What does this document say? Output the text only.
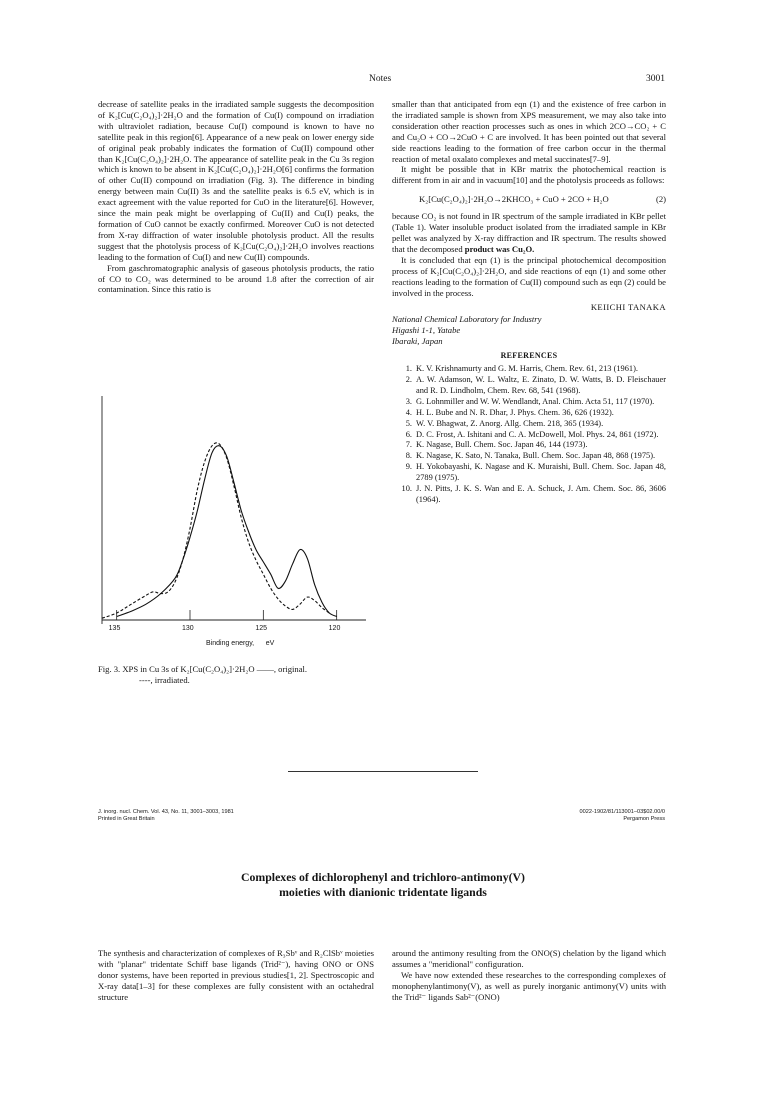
Notes	3001

decrease of satellite peaks in the irradiated sample suggests the decomposition of K₂[Cu(C₂O₄)₂]·2H₂O and the formation of Cu(I) compound on irradiation with ultraviolet radiation, because Cu(I) compound is known to have no satellite peak in this region[6]. Appearance of a new peak on lower energy side of original peak probably indicates the formation of Cu(II) compound other than K₂[Cu(C₂O₄)₂]·2H₂O. The appearance of satellite peak in the Cu 3s region which is known to be absent in K₂[Cu(C₂O₄)₂]·2H₂O[6] confirms the formation of other Cu(II) compound on irradiation (Fig. 3). The difference in binding energy between main Cu(II) 3s and the satellite peaks is 6.5 eV, which is in exact agreement with the value reported for CuO in the literature[6]. However, since the main peak might be overlapping of Cu(II) and Cu(I) peaks, the formation of CuO cannot be exactly confirmed. Moreover CuO is not detected from X-ray diffraction of water insoluble photolysis product. All the results suggest that the photolysis process of K₂[Cu(C₂O₄)₂]·2H₂O involves reactions leading to the formation of Cu(I) and new Cu(II) compounds.

From gaschromatographic analysis of gaseous photolysis products, the ratio of CO to CO₂ was determined to be around 1.8 after the correction of air contamination. Since this ratio is

135	130	125	120
Binding energy,      eV
Fig. 3. XPS in Cu 3s of K₂[Cu(C₂O₄)₂]·2H₂O ——, original.
----, irradiated.

smaller than that anticipated from eqn (1) and the existence of free carbon in the irradiated sample is shown from XPS measurement, we may also take into consideration other reaction processes such as ones in which 2CO→CO₂ + C and Cu₂O + CO→2CuO + C are involved. It has been pointed out that several side reactions leading to the formation of free carbon occur in the thermal reaction of metal oxalato complexes and metal succinates[7–9].

It might be possible that in KBr matrix the photochemical reaction is different from in air and in vacuum[10] and the photolysis proceeds as follows:

K₂[Cu(C₂O₄)₂]·2H₂O→2KHCO₃ + CuO + 2CO + H₂O	(2)

because CO₂ is not found in IR spectrum of the sample irradiated in KBr pellet (Table 1). Water insoluble product isolated from the irradiated sample in KBr pellet was analyzed by X-ray diffraction and IR spectrum. The results showed that the decomposed product was Cu₂O.

It is concluded that eqn (1) is the principal photochemical decomposition process of K₂[Cu(C₂O₄)₂]·2H₂O, and side reactions of eqn (1) and some other reactions leading to the formation of Cu(II) compound such as eqn (2) could be involved in the process.

KEIICHI TANAKA
National Chemical Laboratory for Industry
Higashi 1-1, Yatabe
Ibaraki, Japan
REFERENCES
1. K. V. Krishnamurty and G. M. Harris, Chem. Rev. 61, 213 (1961).
2. A. W. Adamson, W. L. Waltz, E. Zinato, D. W. Watts, B. D. Fleischauer and R. D. Lindholm, Chem. Rev. 68, 541 (1968).
3. G. Lohnmiller and W. W. Wendlandt, Anal. Chim. Acta 51, 117 (1970).
4. H. L. Bube and N. R. Dhar, J. Phys. Chem. 36, 626 (1932).
5. W. V. Bhagwat, Z. Anorg. Allg. Chem. 218, 365 (1934).
6. D. C. Frost, A. Ishitani and C. A. McDowell, Mol. Phys. 24, 861 (1972).
7. K. Nagase, Bull. Chem. Soc. Japan 46, 144 (1973).
8. K. Nagase, K. Sato, N. Tanaka, Bull. Chem. Soc. Japan 48, 868 (1975).
9. H. Yokobayashi, K. Nagase and K. Muraishi, Bull. Chem. Soc. Japan 48, 2789 (1975).
10. J. N. Pitts, J. K. S. Wan and E. A. Schuck, J. Am. Chem. Soc. 86, 3606 (1964).
J. inorg. nucl. Chem. Vol. 43, No. 11, 3001–3003, 1981
Printed in Great Britain
0022-1902/81/113001–03$02.00/0
Pergamon Press
Complexes of dichlorophenyl and trichloro-antimony(V)
moieties with dianionic tridentate ligands

The synthesis and characterization of complexes of R₃Sbᵛ and R₂ClSbᵛ moieties with "planar" tridentate Schiff base ligands (Trid²⁻), having ONO or ONS donor systems, have been reported in previous studies[1, 2]. Spectroscopic and X-ray data[1–3] for these complexes are fully consistent with an octahedral structure

around the antimony resulting from the ONO(S) chelation by the ligand which assumes a "meridional" configuration.

We have now extended these researches to the corresponding complexes of monophenylantimony(V), as well as purely inorganic antimony(V) units with the Trid²⁻ ligands Sab²⁻(ONO)
